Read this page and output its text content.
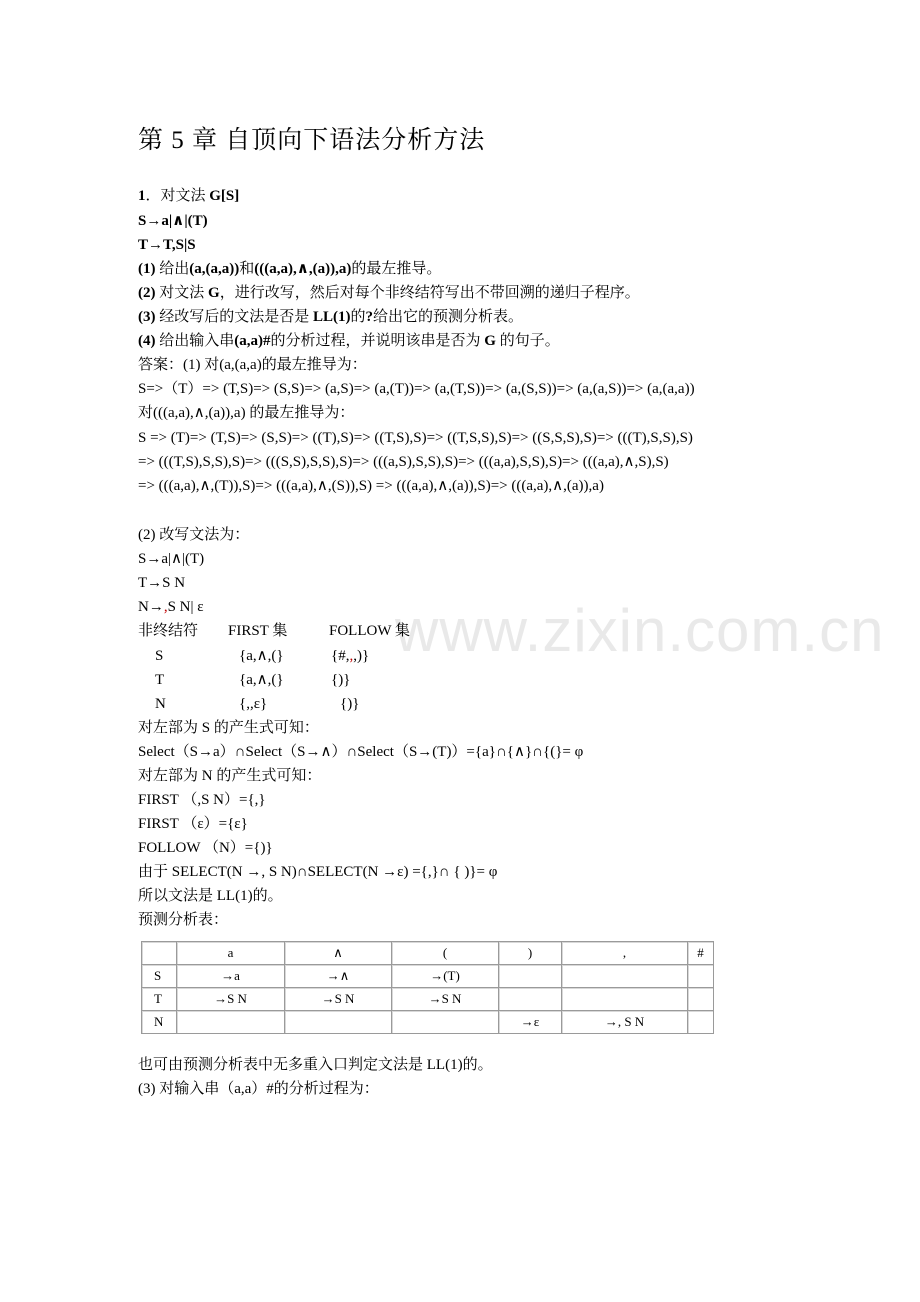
www.zixin.com.cn
第 5 章 自顶向下语法分析方法
1．对文法 G[S]
S→a|∧|(T)
T→T,S|S
(1) 给出(a,(a,a))和(((a,a),∧,(a)),a)的最左推导。
(2) 对文法 G，进行改写，然后对每个非终结符写出不带回溯的递归子程序。
(3) 经改写后的文法是否是 LL(1)的?给出它的预测分析表。
(4) 给出输入串(a,a)#的分析过程，并说明该串是否为 G 的句子。
答案：(1) 对(a,(a,a)的最左推导为：
S=>（T）=> (T,S)=> (S,S)=> (a,S)=> (a,(T))=> (a,(T,S))=> (a,(S,S))=> (a,(a,S))=> (a,(a,a))
对(((a,a),∧,(a)),a) 的最左推导为：
S => (T)=> (T,S)=> (S,S)=> ((T),S)=> ((T,S),S)=> ((T,S,S),S)=> ((S,S,S),S)=> (((T),S,S),S)
=> (((T,S),S,S),S)=> (((S,S),S,S),S)=> (((a,S),S,S),S)=> (((a,a),S,S),S)=> (((a,a),∧,S),S)
=> (((a,a),∧,(T)),S)=> (((a,a),∧,(S)),S) => (((a,a),∧,(a)),S)=> (((a,a),∧,(a)),a)
(2) 改写文法为：
S→a|∧|(T)
T→S N
N→,S N| ε
非终结符 FIRST 集	FOLLOW 集
S	{a,∧,(}	{#,,,)}
T	{a,∧,(}	{)}
N	{,,ε}	{)}
对左部为 S 的产生式可知：
Select（S→a）∩Select（S→∧）∩Select（S→(T)）={a}∩{∧}∩{(}= φ
对左部为 N 的产生式可知：
FIRST （,S N）={,}
FIRST （ε）={ε}
FOLLOW （N）={)}
由于 SELECT(N →, S N)∩SELECT(N →ε) ={,}∩ { )}= φ
所以文法是 LL(1)的。
预测分析表：
	a	∧	(	)	,	#
S	→a	→∧	→(T)			
T	→S N	→S N	→S N			
N				→ε	→, S N	
也可由预测分析表中无多重入口判定文法是 LL(1)的。
(3) 对输入串（a,a）#的分析过程为：
